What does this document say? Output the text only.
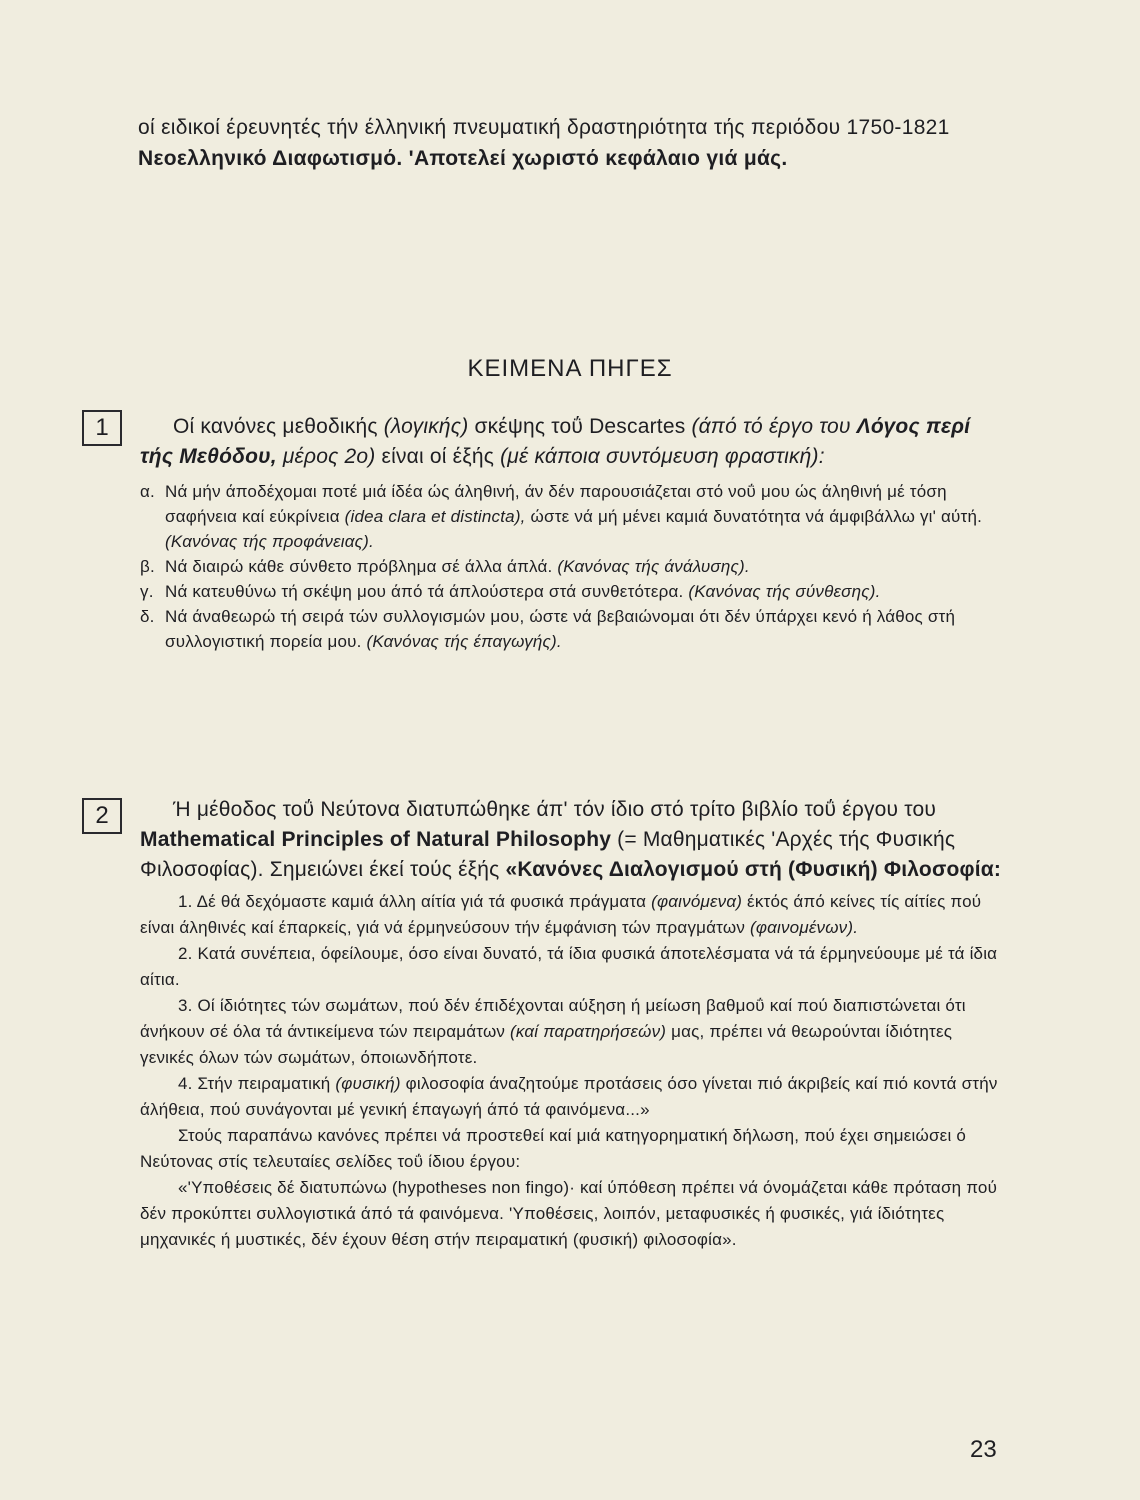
οί ειδικοί έρευνητές τήν έλληνική πνευματική δραστηριότητα τής περιόδου 1750-1821 Νεοελληνικό Διαφωτισμό. 'Αποτελεί χωριστό κεφάλαιο γιά μάς.
ΚΕΙΜΕΝΑ ΠΗΓΕΣ
1	Οί κανόνες μεθοδικής (λογικής) σκέψης τοΰ Descartes (άπό τό έργο του Λόγος περί τής Μεθόδου, μέρος 2ο) είναι οί έξής (μέ κάποια συντόμευση φραστική):
α. Νά μήν άποδέχομαι ποτέ μιά ίδέα ώς άληθινή, άν δέν παρουσιάζεται στό νοΰ μου ώς άληθινή μέ τόση σαφήνεια καί εύκρίνεια (idea clara et distincta), ώστε νά μή μένει καμιά δυνατότητα νά άμφιβάλλω γι' αύτή. (Κανόνας τής προφάνειας).
β. Νά διαιρώ κάθε σύνθετο πρόβλημα σέ άλλα άπλά. (Κανόνας τής άνάλυσης).
γ. Νά κατευθύνω τή σκέψη μου άπό τά άπλούστερα στά συνθετότερα. (Κανόνας τής σύνθεσης).
δ. Νά άναθεωρώ τή σειρά τών συλλογισμών μου, ώστε νά βεβαιώνομαι ότι δέν ύπάρχει κενό ή λάθος στή συλλογιστική πορεία μου. (Κανόνας τής έπαγωγής).
2	Ή μέθοδος τοΰ Νεύτονα διατυπώθηκε άπ' τόν ίδιο στό τρίτο βιβλίο τοΰ έργου του Mathematical Principles of Natural Philosophy (= Μαθηματικές 'Αρχές τής Φυσικής Φιλοσοφίας). Σημειώνει έκεί τούς έξής «Κανόνες Διαλογισμού στή (Φυσική) Φιλοσοφία:
1. Δέ θά δεχόμαστε καμιά άλλη αίτία γιά τά φυσικά πράγματα (φαινόμενα) έκτός άπό κείνες τίς αίτίες πού είναι άληθινές καί έπαρκείς, γιά νά έρμηνεύσουν τήν έμφάνιση τών πραγμάτων (φαινομένων).
2. Κατά συνέπεια, όφείλουμε, όσο είναι δυνατό, τά ίδια φυσικά άποτελέσματα νά τά έρμηνεύουμε μέ τά ίδια αίτια.
3. Οί ίδιότητες τών σωμάτων, πού δέν έπιδέχονται αύξηση ή μείωση βαθμοΰ καί πού διαπιστώνεται ότι άνήκουν σέ όλα τά άντικείμενα τών πειραμάτων (καί παρατηρήσεών) μας, πρέπει νά θεωρούνται ίδιότητες γενικές όλων τών σωμάτων, όποιωνδήποτε.
4. Στήν πειραματική (φυσική) φιλοσοφία άναζητούμε προτάσεις όσο γίνεται πιό άκριβείς καί πιό κοντά στήν άλήθεια, πού συνάγονται μέ γενική έπαγωγή άπό τά φαινόμενα...»
Στούς παραπάνω κανόνες πρέπει νά προστεθεί καί μιά κατηγορηματική δήλωση, πού έχει σημειώσει ό Νεύτονας στίς τελευταίες σελίδες τοΰ ίδιου έργου:
«'Υποθέσεις δέ διατυπώνω (hypotheses non fingo)· καί ύπόθεση πρέπει νά όνομάζεται κάθε πρόταση πού δέν προκύπτει συλλογιστικά άπό τά φαινόμενα. 'Υποθέσεις, λοιπόν, μεταφυσικές ή φυσικές, γιά ίδιότητες μηχανικές ή μυστικές, δέν έχουν θέση στήν πειραματική (φυσική) φιλοσοφία».
23
